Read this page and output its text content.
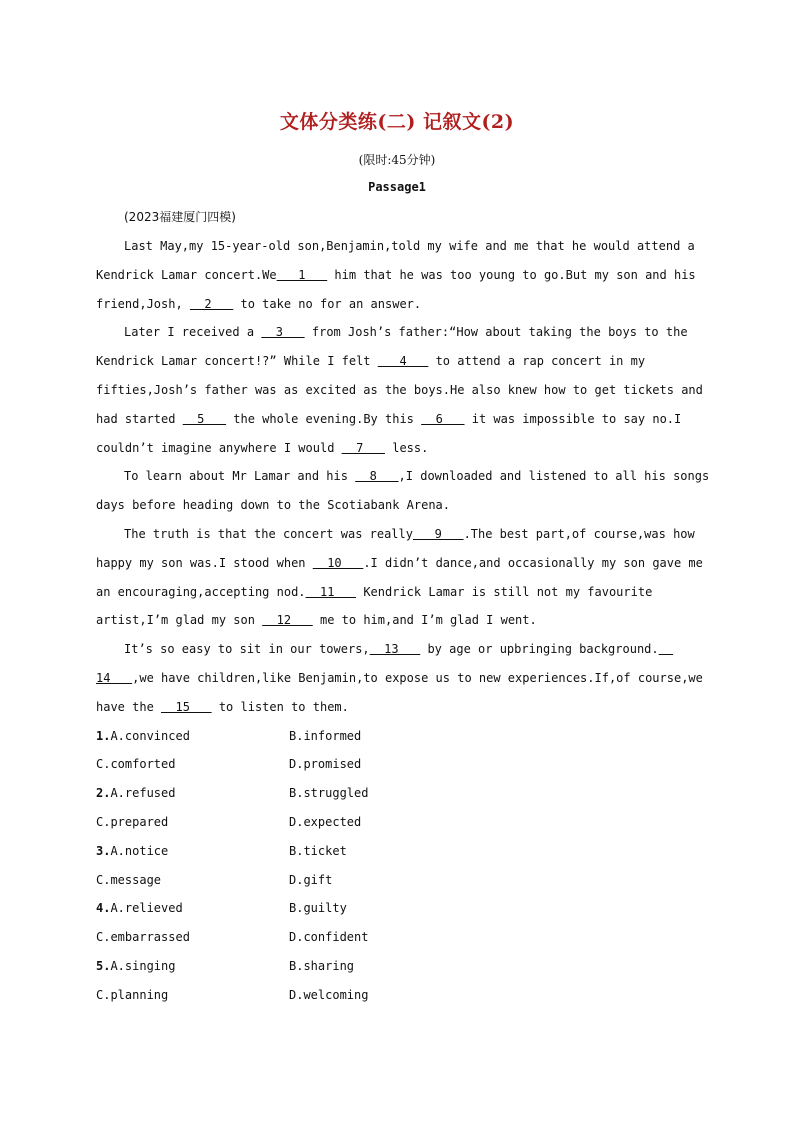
文体分类练(二) 记叙文(2)
(限时:45分钟)
Passage1
(2023福建厦门四模)
Last May,my 15-year-old son,Benjamin,told my wife and me that he would attend a
Kendrick Lamar concert.We   1    him that he was too young to go.But my son and his
friend,Josh,   2    to take no for an answer.
Later I received a   3    from Josh’s father:“How about taking the boys to the
Kendrick Lamar concert!?” While I felt    4    to attend a rap concert in my
fifties,Josh’s father was as excited as the boys.He also knew how to get tickets and
had started   5    the whole evening.By this   6    it was impossible to say no.I
couldn’t imagine anywhere I would   7    less.
To learn about Mr Lamar and his   8   ,I downloaded and listened to all his songs
days before heading down to the Scotiabank Arena.
The truth is that the concert was really   9   .The best part,of course,was how
happy my son was.I stood when   10   .I didn’t dance,and occasionally my son gave me
an encouraging,accepting nod.  11    Kendrick Lamar is still not my favourite
artist,I’m glad my son   12    me to him,and I’m glad I went.
It’s so easy to sit in our towers,  13    by age or upbringing background.
14   ,we have children,like Benjamin,to expose us to new experiences.If,of course,we
have the   15    to listen to them.
1.A.convinced	B.informed
C.comforted	D.promised
2.A.refused	B.struggled
C.prepared	D.expected
3.A.notice	B.ticket
C.message	D.gift
4.A.relieved	B.guilty
C.embarrassed	D.confident
5.A.singing	B.sharing
C.planning	D.welcoming
